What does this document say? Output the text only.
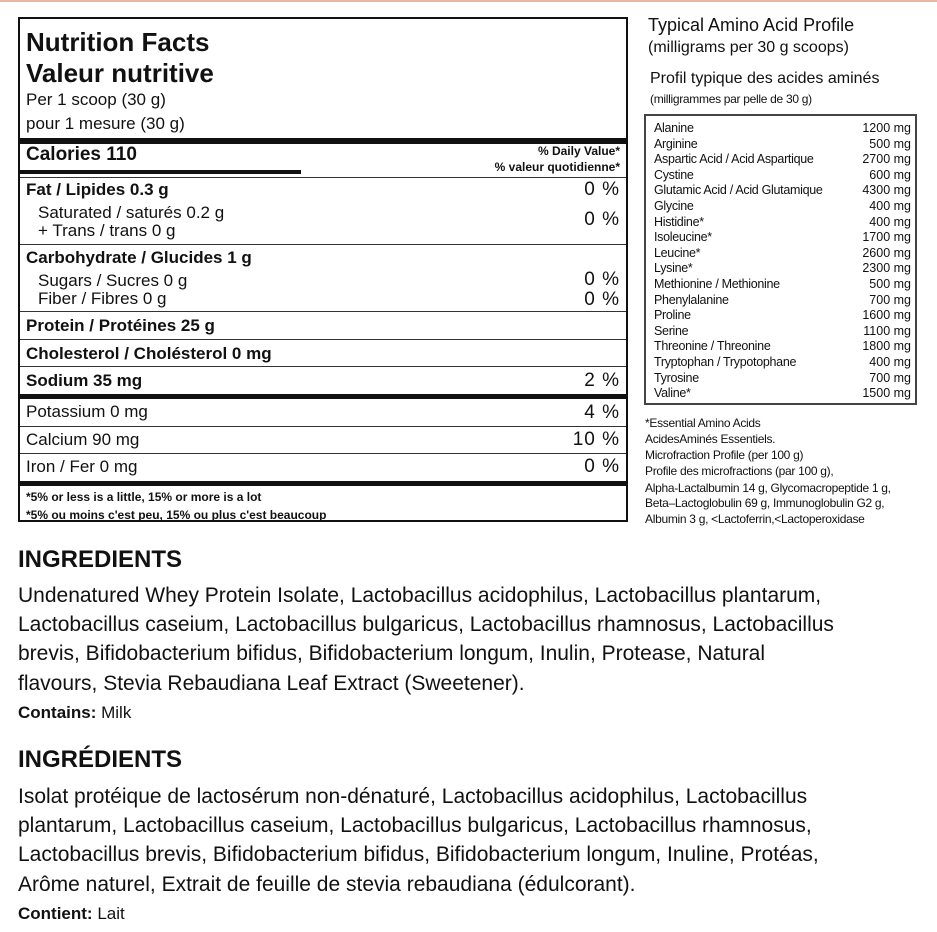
Nutrition Facts
Valeur nutritive
Per 1 scoop (30 g)
pour 1 mesure (30 g)
Calories 110	% Daily Value*
% valeur quotidienne*
Fat / Lipides 0.3 g	0 %
Saturated / saturés 0.2 g	0 %
+ Trans / trans 0 g
Carbohydrate / Glucides 1 g
Sugars / Sucres 0 g	0 %
Fiber / Fibres 0 g	0 %
Protein / Protéines 25 g
Cholesterol / Cholésterol 0 mg
Sodium 35 mg	2 %
Potassium 0 mg	4 %
Calcium 90 mg	10 %
Iron / Fer 0 mg	0 %
*5% or less is a little, 15% or more is a lot
*5% ou moins c'est peu, 15% ou plus c'est beaucoup
Typical Amino Acid Profile
(milligrams per 30 g scoops)
Profil typique des acides aminés
(milligrammes par pelle de 30 g)
Alanine	1200 mg
Arginine	500 mg
Aspartic Acid / Acid Aspartique	2700 mg
Cystine	600 mg
Glutamic Acid / Acid Glutamique	4300 mg
Glycine	400 mg
Histidine*	400 mg
Isoleucine*	1700 mg
Leucine*	2600 mg
Lysine*	2300 mg
Methionine / Methionine	500 mg
Phenylalanine	700 mg
Proline	1600 mg
Serine	1100 mg
Threonine / Threonine	1800 mg
Tryptophan / Trypotophane	400 mg
Tyrosine	700 mg
Valine*	1500 mg
*Essential Amino Acids
AcidesAminés Essentiels.
Microfraction Profile (per 100 g)
Profile des microfractions (par 100 g),
Alpha-Lactalbumin 14 g, Glycomacropeptide 1 g,
Beta–Lactoglobulin 69 g, Immunoglobulin G2 g,
Albumin 3 g, <Lactoferrin,<Lactoperoxidase
INGREDIENTS
Undenatured Whey Protein Isolate, Lactobacillus acidophilus, Lactobacillus plantarum,
Lactobacillus caseium, Lactobacillus bulgaricus, Lactobacillus rhamnosus, Lactobacillus
brevis, Bifidobacterium bifidus, Bifidobacterium longum, Inulin, Protease, Natural
flavours, Stevia Rebaudiana Leaf Extract (Sweetener).
Contains: Milk
INGRÉDIENTS
Isolat protéique de lactosérum non-dénaturé, Lactobacillus acidophilus, Lactobacillus
plantarum, Lactobacillus caseium, Lactobacillus bulgaricus, Lactobacillus rhamnosus,
Lactobacillus brevis, Bifidobacterium bifidus, Bifidobacterium longum, Inuline, Protéas,
Arôme naturel, Extrait de feuille de stevia rebaudiana (édulcorant).
Contient: Lait
